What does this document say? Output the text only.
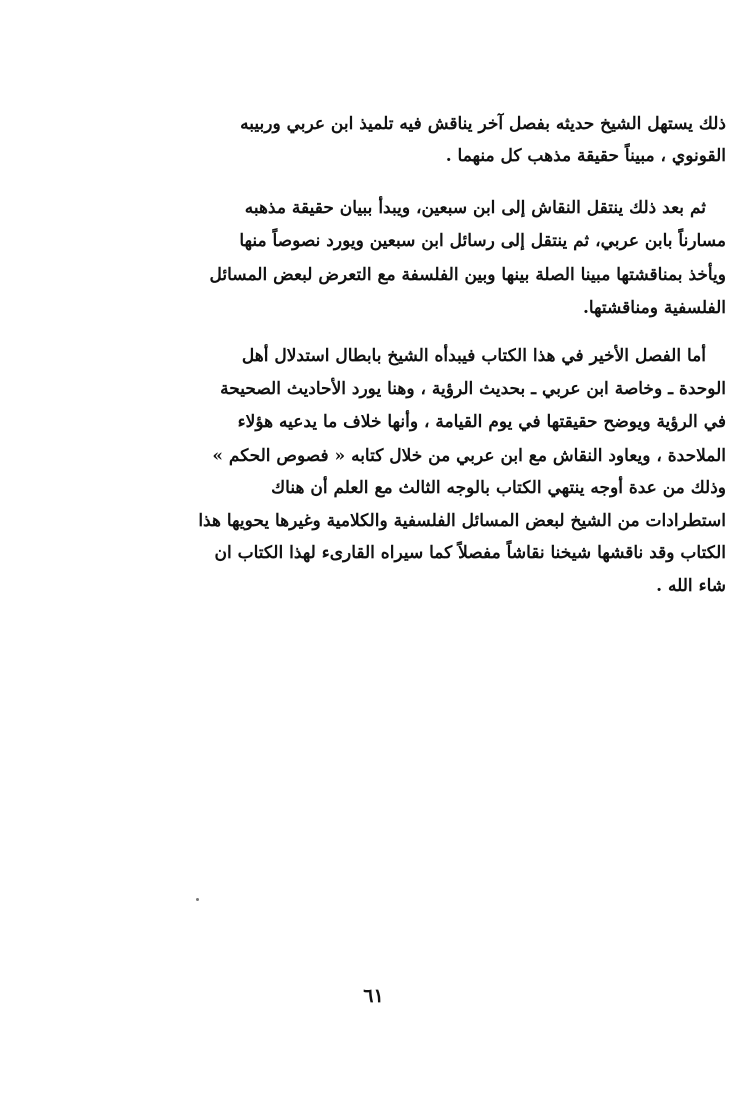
ذلك يستهل الشيخ حديثه بفصل آخر يناقش فيه تلميذ ابن عربي وربيبه
القونوي ، مبيناً حقيقة مذهب كل منهما .
ثم بعد ذلك ينتقل النقاش إلى ابن سبعين، ويبدأ ببيان حقيقة مذهبه
مسارناً بابن عربي، ثم ينتقل إلى رسائل ابن سبعين ويورد نصوصاً منها
ويأخذ بمناقشتها مبينا الصلة بينها وبين الفلسفة مع التعرض لبعض المسائل
الفلسفية ومناقشتها.
أما الفصل الأخير في هذا الكتاب فيبدأه الشيخ بابطال استدلال أهل
الوحدة ـ وخاصة ابن عربي ـ بحديث الرؤية ، وهنا يورد الأحاديث الصحيحة
في الرؤية ويوضح حقيقتها في يوم القيامة ، وأنها خلاف ما يدعيه هؤلاء
الملاحدة ، ويعاود النقاش مع ابن عربي من خلال كتابه « فصوص الحكم »
وذلك من عدة أوجه ينتهي الكتاب بالوجه الثالث مع العلم أن هناك
استطرادات من الشيخ لبعض المسائل الفلسفية والكلامية وغيرها يحويها هذا
الكتاب وقد ناقشها شيخنا نقاشاً مفصلاً كما سيراه القارىء لهذا الكتاب ان
شاء الله .
٦١
